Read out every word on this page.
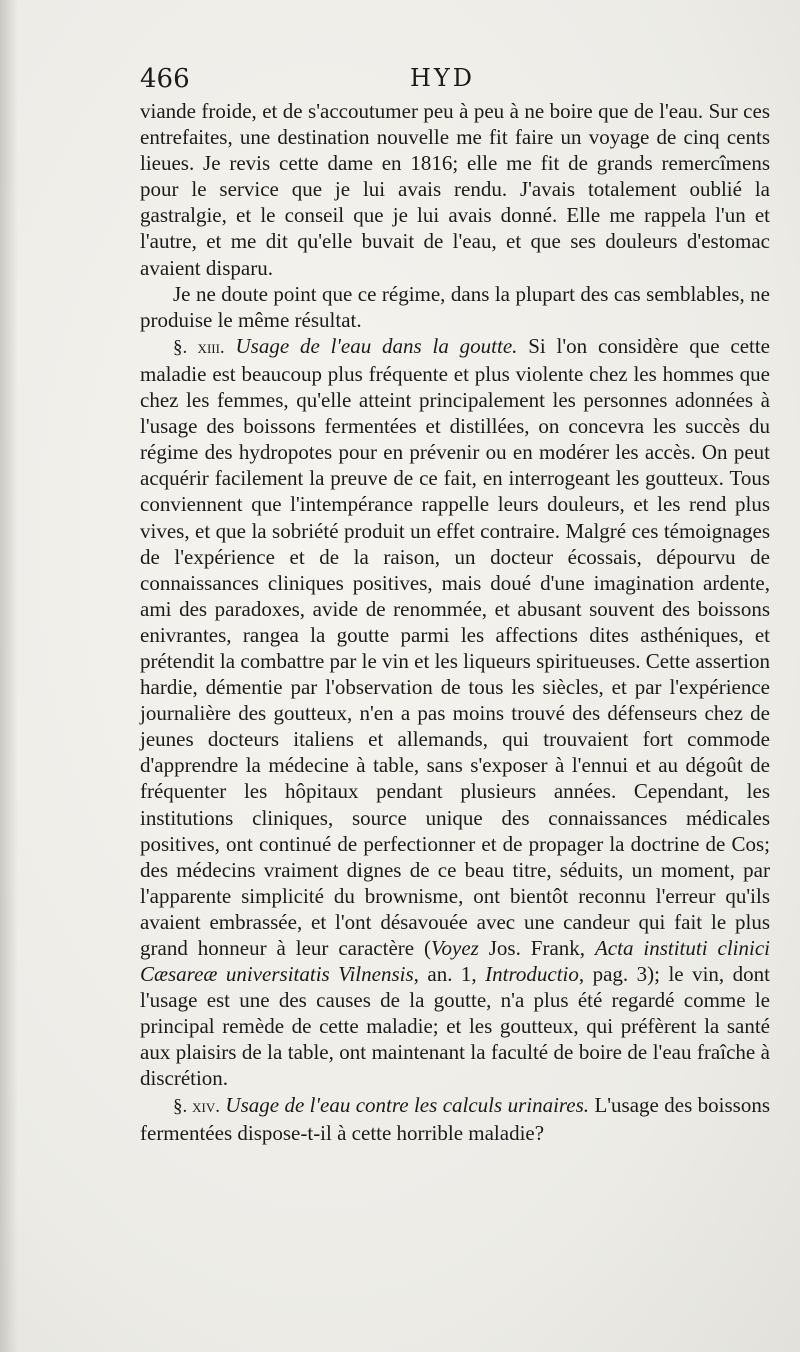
466	HYD

viande froide, et de s'accoutumer peu à peu à ne boire que de l'eau. Sur ces entrefaites, une destination nouvelle me fit faire un voyage de cinq cents lieues. Je revis cette dame en 1816; elle me fit de grands remercîmens pour le service que je lui avais rendu. J'avais totalement oublié la gastralgie, et le conseil que je lui avais donné. Elle me rappela l'un et l'autre, et me dit qu'elle buvait de l'eau, et que ses douleurs d'estomac avaient disparu.

Je ne doute point que ce régime, dans la plupart des cas semblables, ne produise le même résultat.

§. xiii. Usage de l'eau dans la goutte. Si l'on considère que cette maladie est beaucoup plus fréquente et plus violente chez les hommes que chez les femmes, qu'elle atteint principalement les personnes adonnées à l'usage des boissons fermentées et distillées, on concevra les succès du régime des hydropotes pour en prévenir ou en modérer les accès. On peut acquérir facilement la preuve de ce fait, en interrogeant les goutteux. Tous conviennent que l'intempérance rappelle leurs douleurs, et les rend plus vives, et que la sobriété produit un effet contraire. Malgré ces témoignages de l'expérience et de la raison, un docteur écossais, dépourvu de connaissances cliniques positives, mais doué d'une imagination ardente, ami des paradoxes, avide de renommée, et abusant souvent des boissons enivrantes, rangea la goutte parmi les affections dites asthéniques, et prétendit la combattre par le vin et les liqueurs spiritueuses. Cette assertion hardie, démentie par l'observation de tous les siècles, et par l'expérience journalière des goutteux, n'en a pas moins trouvé des défenseurs chez de jeunes docteurs italiens et allemands, qui trouvaient fort commode d'apprendre la médecine à table, sans s'exposer à l'ennui et au dégoût de fréquenter les hôpitaux pendant plusieurs années. Cependant, les institutions cliniques, source unique des connaissances médicales positives, ont continué de perfectionner et de propager la doctrine de Cos; des médecins vraiment dignes de ce beau titre, séduits, un moment, par l'apparente simplicité du brownisme, ont bientôt reconnu l'erreur qu'ils avaient embrassée, et l'ont désavouée avec une candeur qui fait le plus grand honneur à leur caractère (Voyez Jos. Frank, Acta instituti clinici Cæsareæ universitatis Vilnensis, an. 1, Introductio, pag. 3); le vin, dont l'usage est une des causes de la goutte, n'a plus été regardé comme le principal remède de cette maladie; et les goutteux, qui préfèrent la santé aux plaisirs de la table, ont maintenant la faculté de boire de l'eau fraîche à discrétion.

§. xiv. Usage de l'eau contre les calculs urinaires. L'usage des boissons fermentées dispose-t-il à cette horrible maladie?
